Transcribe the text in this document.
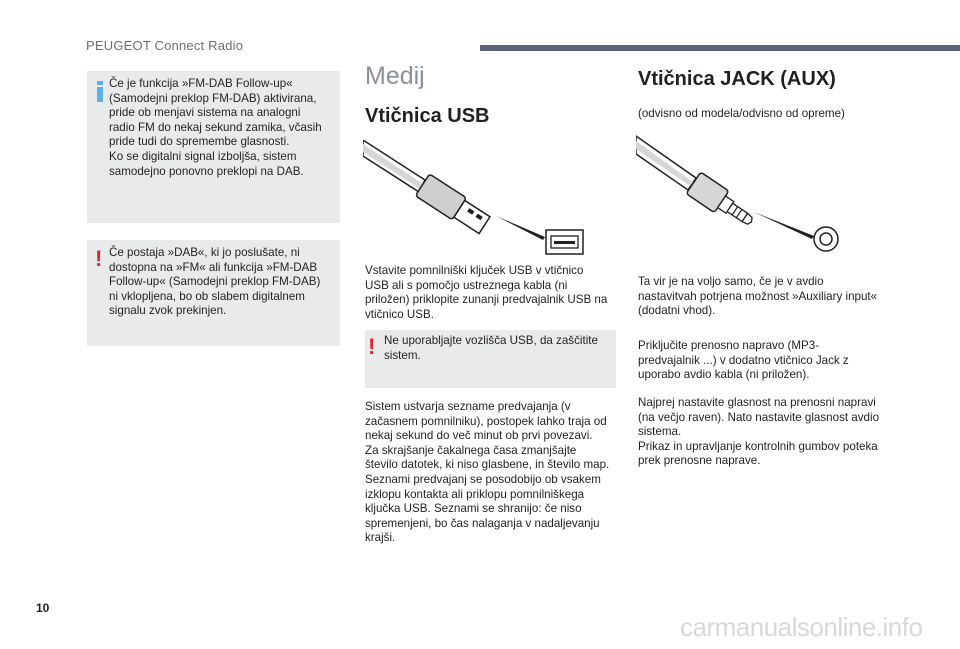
PEUGEOT Connect Radio
Če je funkcija »FM-DAB Follow-up«
(Samodejni preklop FM-DAB) aktivirana,
pride ob menjavi sistema na analogni
radio FM do nekaj sekund zamika, včasih
pride tudi do spremembe glasnosti.
Ko se digitalni signal izboljša, sistem
samodejno ponovno preklopi na DAB.
! Če postaja »DAB«, ki jo poslušate, ni
dostopna na »FM« ali funkcija »FM-DAB
Follow-up« (Samodejni preklop FM-DAB)
ni vklopljena, bo ob slabem digitalnem
signalu zvok prekinjen.
Medij
Vtičnica USB
Vstavite pomnilniški ključek USB v vtičnico
USB ali s pomočjo ustreznega kabla (ni
priložen) priklopite zunanji predvajalnik USB na
vtičnico USB.
! Ne uporabljajte vozlišča USB, da zaščitite
sistem.
Sistem ustvarja sezname predvajanja (v
začasnem pomnilniku), postopek lahko traja od
nekaj sekund do več minut ob prvi povezavi.
Za skrajšanje čakalnega časa zmanjšajte
število datotek, ki niso glasbene, in število map.
Seznami predvajanj se posodobijo ob vsakem
izklopu kontakta ali priklopu pomnilniškega
ključka USB. Seznami se shranijo: če niso
spremenjeni, bo čas nalaganja v nadaljevanju
krajši.
Vtičnica JACK (AUX)
(odvisno od modela/odvisno od opreme)
Ta vir je na voljo samo, če je v avdio
nastavitvah potrjena možnost »Auxiliary input«
(dodatni vhod).
Priključite prenosno napravo (MP3-
predvajalnik ...) v dodatno vtičnico Jack z
uporabo avdio kabla (ni priložen).
Najprej nastavite glasnost na prenosni napravi
(na večjo raven). Nato nastavite glasnost avdio
sistema.
Prikaz in upravljanje kontrolnih gumbov poteka
prek prenosne naprave.
10
carmanualsonline.info
